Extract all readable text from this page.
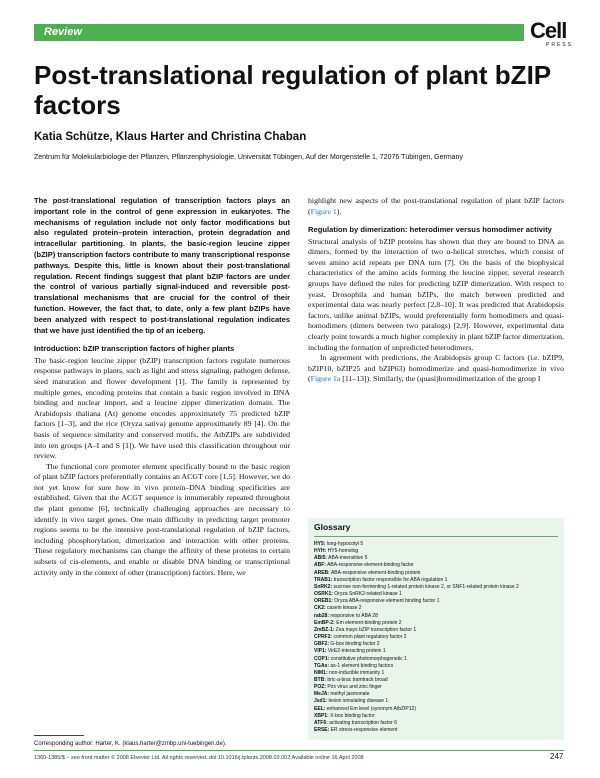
Review	Cell
PRESS
Post-translational regulation of plant bZIP factors
Katia Schütze, Klaus Harter and Christina Chaban
Zentrum für Molekularbiologie der Pflanzen, Pflanzenphysiologie, Universität Tübingen, Auf der Morgenstelle 1, 72076 Tübingen, Germany

The post-translational regulation of transcription factors plays an important role in the control of gene expression in eukaryotes. The mechanisms of regulation include not only factor modifications but also regulated protein–protein interaction, protein degradation and intracellular partitioning. In plants, the basic-region leucine zipper (bZIP) transcription factors contribute to many transcriptional response pathways. Despite this, little is known about their post-translational regulation. Recent findings suggest that plant bZIP factors are under the control of various partially signal-induced and reversible post-translational mechanisms that are crucial for the control of their function. However, the fact that, to date, only a few plant bZIPs have been analyzed with respect to post-translational regulation indicates that we have just identified the tip of an iceberg.

Introduction: bZIP transcription factors of higher plants

The basic-region leucine zipper (bZIP) transcription factors regulate numerous response pathways in plants, such as light and stress signaling, pathogen defense, seed maturation and flower development [1]. The family is represented by multiple genes, encoding proteins that contain a basic region involved in DNA binding and nuclear import, and a leucine zipper dimerization domain. The Arabidopsis thaliana (At) genome encodes approximately 75 predicted bZIP factors [1–3], and the rice (Oryza sativa) genome approximately 89 [4]. On the basis of sequence similarity and conserved motifs, the AtbZIPs are subdivided into ten groups (A–I and S [1]). We have used this classification throughout our review.

The functional core promoter element specifically bound to the basic region of plant bZIP factors preferentially contains an ACGT core [1,5]. However, we do not yet know for sure how in vivo protein–DNA binding specificities are established. Given that the ACGT sequence is innumerably repeated throughout the plant genome [6], technically challenging approaches are necessary to identify in vivo target genes. One main difficulty in predicting target promoter regions seems to be the intensive post-translational regulation of bZIP factors, including phosphorylation, dimerization and interaction with other proteins. These regulatory mechanisms can change the affinity of these proteins to certain subsets of cis-elements, and enable or disable DNA binding or transcriptional activity only in the context of other (transcription) factors. Here, we

highlight new aspects of the post-translational regulation of plant bZIP factors (Figure 1).

Regulation by dimerization: heterodimer versus homodimer activity

Structural analysis of bZIP proteins has shown that they are bound to DNA as dimers, formed by the interaction of two α-helical stretches, which consist of seven amino acid repeats per DNA turn [7]. On the basis of the biophysical characteristics of the amino acids forming the leucine zipper, several research groups have defined the rules for predicting bZIP dimerization. With respect to yeast, Drosophila and human bZIPs, the match between predicted and experimental data was nearly perfect [2,8–10]. It was predicted that Arabidopsis factors, unlike animal bZIPs, would preferentially form homodimers and quasi-homodimers (dimers between two paralogs) [2,9]. However, experimental data clearly point towards a much higher complexity in plant bZIP factor dimerization, including the formation of unpredicted heterodimers.

In agreement with predictions, the Arabidopsis group C factors (i.e. bZIP9, bZIP10, bZIP25 and bZIP63) homodimerize and quasi-homodimerize in vivo (Figure 1a [11–13]). Similarly, the (quasi)homodimerization of the group I

Glossary
HY5: long-hypocotyl 5
HYH: HY5-homolog
ABI5: ABA-insensitive 5
ABF: ABA-responsive element-binding factor
AREB: ABA-responsive element-binding protein
TRAB1: transcription factor responsible for ABA regulation 1
SnRK2: sucrose non-fermenting 1-related protein kinase 2, or SNF1-related protein kinase 2
OSRK1: Oryza SnRK2-related kinase 1
OREB1: Oryza ABA-responsive element binding factor 1
CK2: casein kinase 2
rab28: responsive to ABA 28
EmBP-2: Em element-binding protein 2
ZmBZ-1: Zea mays bZIP transcription factor 1
CPRF2: common plant regulatory factor 2
GBF2: G-box binding factor 2
VIP1: VirE2-interacting protein 1
COP1: constitutive photomorphogenetic 1
TGAs: as-1 element binding factors
NIM1: non-inducible immunity 1
BTB: bric-a-brac tramtrack broad
POZ: Pox virus and zinc finger
MeJA: methyl jasmonate
Jsd1: lesion simulating disease 1
EEL: enhanced Em level (synonym AtbZIP12)
XBP1: X-box binding factor
ATF6: activating transcription factor 6
ERSE: ER stress-responsive element
Corresponding author: Harter, K. (klaus.harter@zmbp.uni-tuebingen.de).
1360-1385/$ – see front matter © 2008 Elsevier Ltd. All rights reserved. doi:10.1016/j.tplants.2008.03.002 Available online 16 April 2008	247
